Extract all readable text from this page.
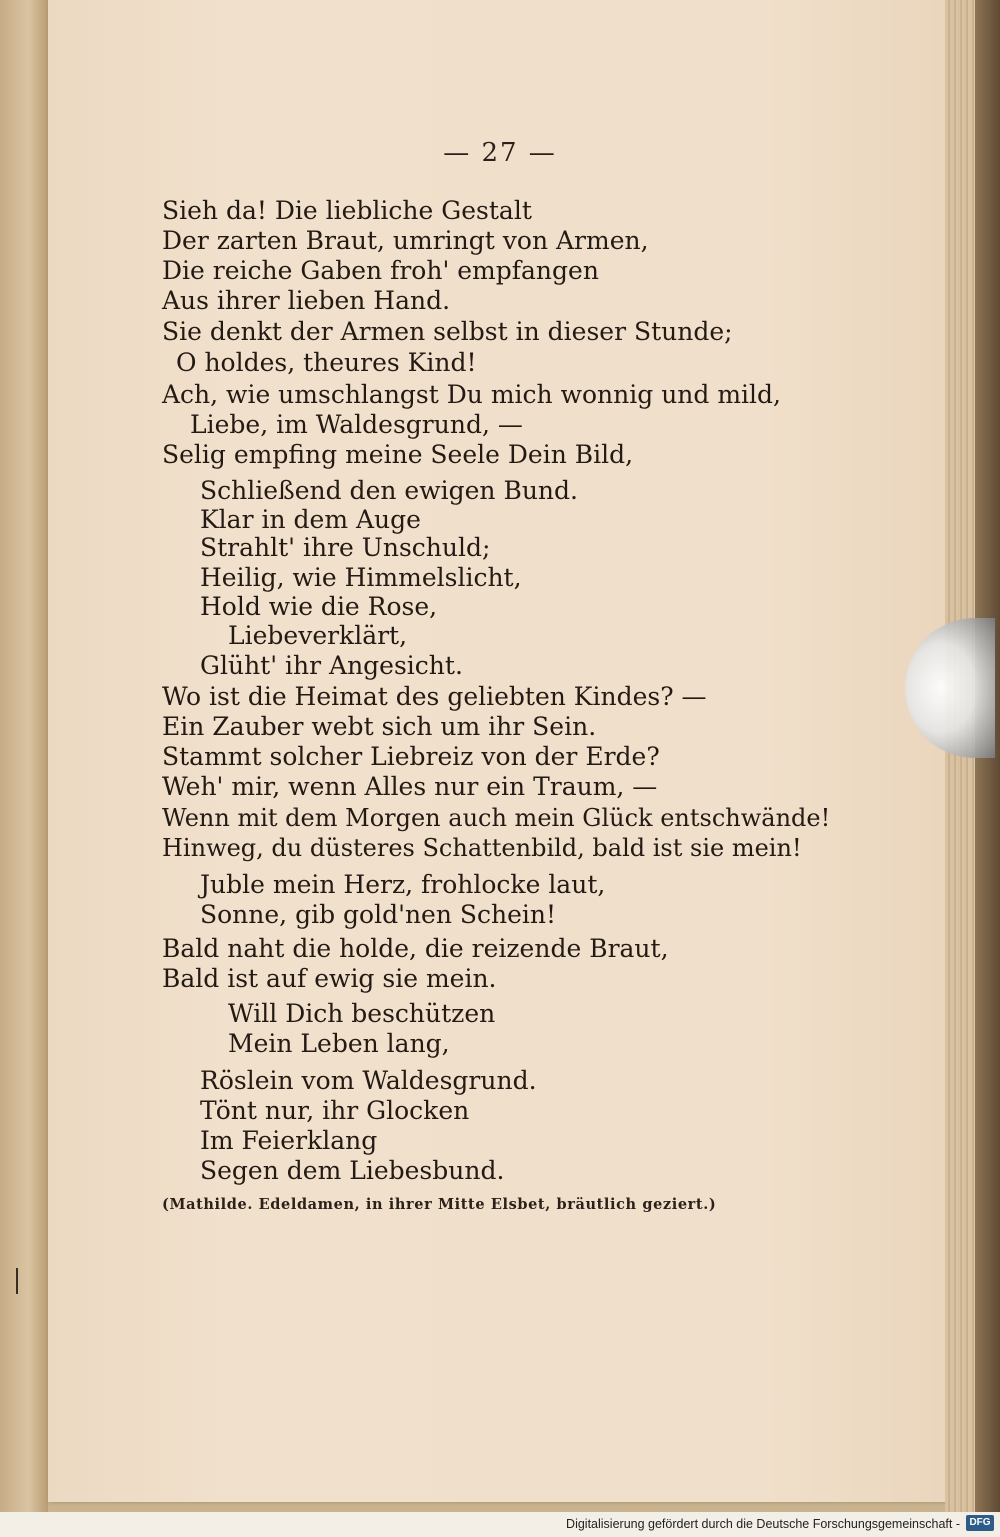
— 27 —
Sieh da! Die liebliche Gestalt
Der zarten Braut, umringt von Armen,
Die reiche Gaben froh' empfangen
Aus ihrer lieben Hand.
Sie denkt der Armen selbst in dieser Stunde;
O holdes, theures Kind!
Ach, wie umschlangst Du mich wonnig und mild,
Liebe, im Waldesgrund, —
Selig empfing meine Seele Dein Bild,
Schließend den ewigen Bund.
Klar in dem Auge
Strahlt' ihre Unschuld;
Heilig, wie Himmelslicht,
Hold wie die Rose,
Liebeverklärt,
Glüht' ihr Angesicht.
Wo ist die Heimat des geliebten Kindes? —
Ein Zauber webt sich um ihr Sein.
Stammt solcher Liebreiz von der Erde?
Weh' mir, wenn Alles nur ein Traum, —
Wenn mit dem Morgen auch mein Glück entschwände!
Hinweg, du düsteres Schattenbild, bald ist sie mein!
Juble mein Herz, frohlocke laut,
Sonne, gib gold'nen Schein!
Bald naht die holde, die reizende Braut,
Bald ist auf ewig sie mein.
Will Dich beschützen
Mein Leben lang,
Röslein vom Waldesgrund.
Tönt nur, ihr Glocken
Im Feierklang
Segen dem Liebesbund.
(Mathilde. Edeldamen, in ihrer Mitte Elsbet, bräutlich geziert.)
Digitalisierung gefördert durch die Deutsche Forschungsgemeinschaft - DFG
